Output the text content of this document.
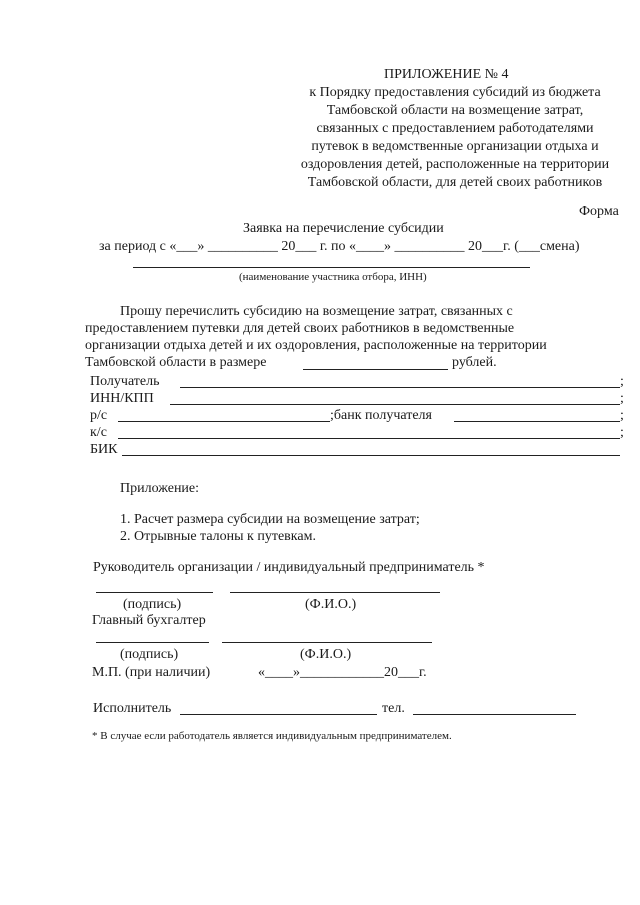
ПРИЛОЖЕНИЕ № 4
к Порядку предоставления субсидий из бюджета
Тамбовской области на возмещение затрат,
связанных с предоставлением работодателями
путевок в ведомственные организации отдыха и
оздоровления детей, расположенные на территории
Тамбовской области, для детей своих работников
Форма
Заявка на перечисление субсидии
за период с «___» __________ 20___ г. по «____» __________ 20___г. (___смена)
(наименование участника отбора, ИНН)
Прошу перечислить субсидию на возмещение затрат, связанных с
предоставлением путевки для детей своих работников в ведомственные
организации отдыха детей и их оздоровления, расположенные на территории
Тамбовской области в размере	рублей.
Получатель	;
ИНН/КПП	;
р/с	;банк получателя	;
к/с	;
БИК
Приложение:
1. Расчет размера субсидии на возмещение затрат;
2. Отрывные талоны к путевкам.
Руководитель организации / индивидуальный предприниматель *
(подпись)	(Ф.И.О.)
Главный бухгалтер
(подпись)	(Ф.И.О.)
М.П. (при наличии)	«____»____________20___г.
Исполнитель	тел.
* В случае если работодатель является индивидуальным предпринимателем.
